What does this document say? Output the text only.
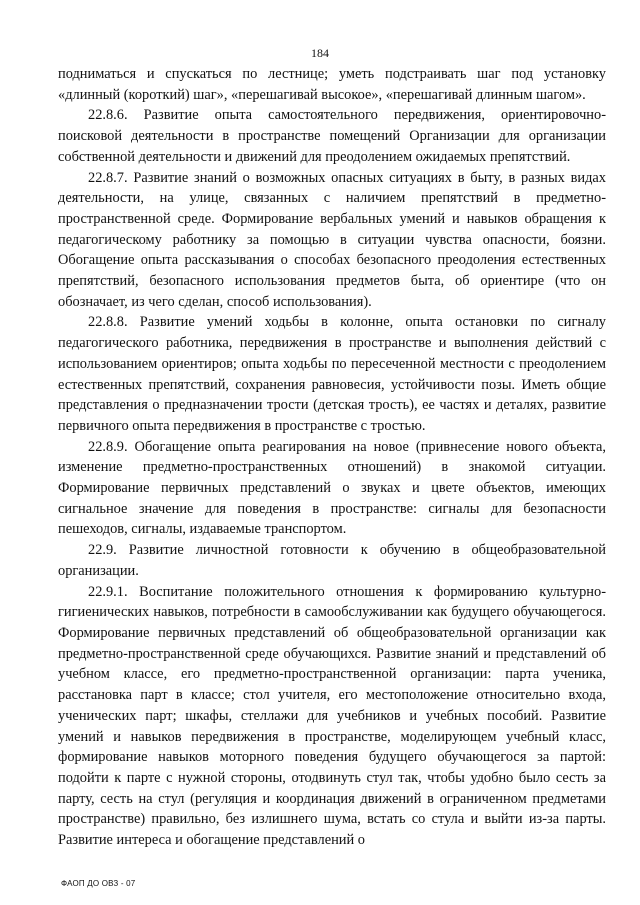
184

подниматься и спускаться по лестнице; уметь подстраивать шаг под установку «длинный (короткий) шаг», «перешагивай высокое», «перешагивай длинным шагом».

22.8.6. Развитие опыта самостоятельного передвижения, ориентировочно-поисковой деятельности в пространстве помещений Организации для организации собственной деятельности и движений для преодолением ожидаемых препятствий.

22.8.7. Развитие знаний о возможных опасных ситуациях в быту, в разных видах деятельности, на улице, связанных с наличием препятствий в предметно-пространственной среде. Формирование вербальных умений и навыков обращения к педагогическому работнику за помощью в ситуации чувства опасности, боязни. Обогащение опыта рассказывания о способах безопасного преодоления естественных препятствий, безопасного использования предметов быта, об ориентире (что он обозначает, из чего сделан, способ использования).

22.8.8. Развитие умений ходьбы в колонне, опыта остановки по сигналу педагогического работника, передвижения в пространстве и выполнения действий с использованием ориентиров; опыта ходьбы по пересеченной местности с преодолением естественных препятствий, сохранения равновесия, устойчивости позы. Иметь общие представления о предназначении трости (детская трость), ее частях и деталях, развитие первичного опыта передвижения в пространстве с тростью.

22.8.9. Обогащение опыта реагирования на новое (привнесение нового объекта, изменение предметно-пространственных отношений) в знакомой ситуации. Формирование первичных представлений о звуках и цвете объектов, имеющих сигнальное значение для поведения в пространстве: сигналы для безопасности пешеходов, сигналы, издаваемые транспортом.

22.9. Развитие личностной готовности к обучению в общеобразовательной организации.

22.9.1. Воспитание положительного отношения к формированию культурно-гигиенических навыков, потребности в самообслуживании как будущего обучающегося. Формирование первичных представлений об общеобразовательной организации как предметно-пространственной среде обучающихся. Развитие знаний и представлений об учебном классе, его предметно-пространственной организации: парта ученика, расстановка парт в классе; стол учителя, его местоположение относительно входа, ученических парт; шкафы, стеллажи для учебников и учебных пособий. Развитие умений и навыков передвижения в пространстве, моделирующем учебный класс, формирование навыков моторного поведения будущего обучающегося за партой: подойти к парте с нужной стороны, отодвинуть стул так, чтобы удобно было сесть за парту, сесть на стул (регуляция и координация движений в ограниченном предметами пространстве) правильно, без излишнего шума, встать со стула и выйти из-за парты. Развитие интереса и обогащение представлений о

ФАОП ДО ОВЗ - 07
